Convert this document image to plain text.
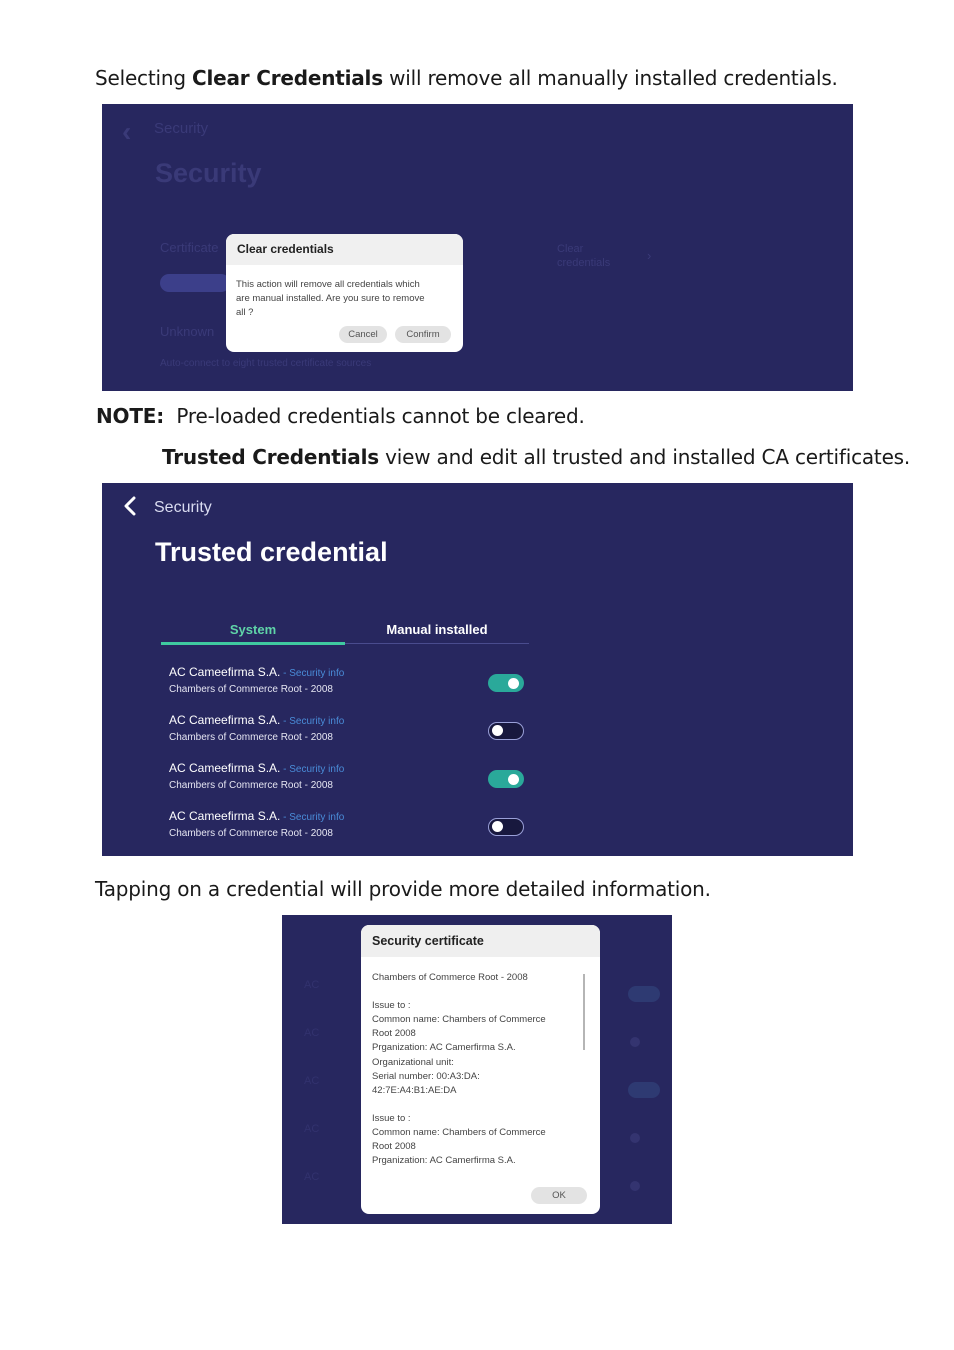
Selecting Clear Credentials will remove all manually installed credentials.
‹ Security
Security
Certificate
Unknown
Auto-connect to eight trusted certificate sources
Clear credentials	›
Clear credentials
This action will remove all credentials which
are manual installed. Are you sure to remove
all ?
Cancel	Confirm
NOTE: Pre-loaded credentials cannot be cleared.
Trusted Credentials view and edit all trusted and installed CA certificates.
Security
Trusted credential
System	Manual installed
AC Cameefirma S.A. - Security info
Chambers of Commerce Root - 2008
AC Cameefirma S.A. - Security info
Chambers of Commerce Root - 2008
AC Cameefirma S.A. - Security info
Chambers of Commerce Root - 2008
AC Cameefirma S.A. - Security info
Chambers of Commerce Root - 2008
Tapping on a credential will provide more detailed information.
AC
AC
AC
AC
AC
Security certificate
Chambers of Commerce Root - 2008
Issue to :
Common name: Chambers of Commerce
Root 2008
Prganization: AC Camerfirma S.A.
Organizational unit:
Serial number: 00:A3:DA:
42:7E:A4:B1:AE:DA
Issue to :
Common name: Chambers of Commerce
Root 2008
Prganization: AC Camerfirma S.A.
OK
